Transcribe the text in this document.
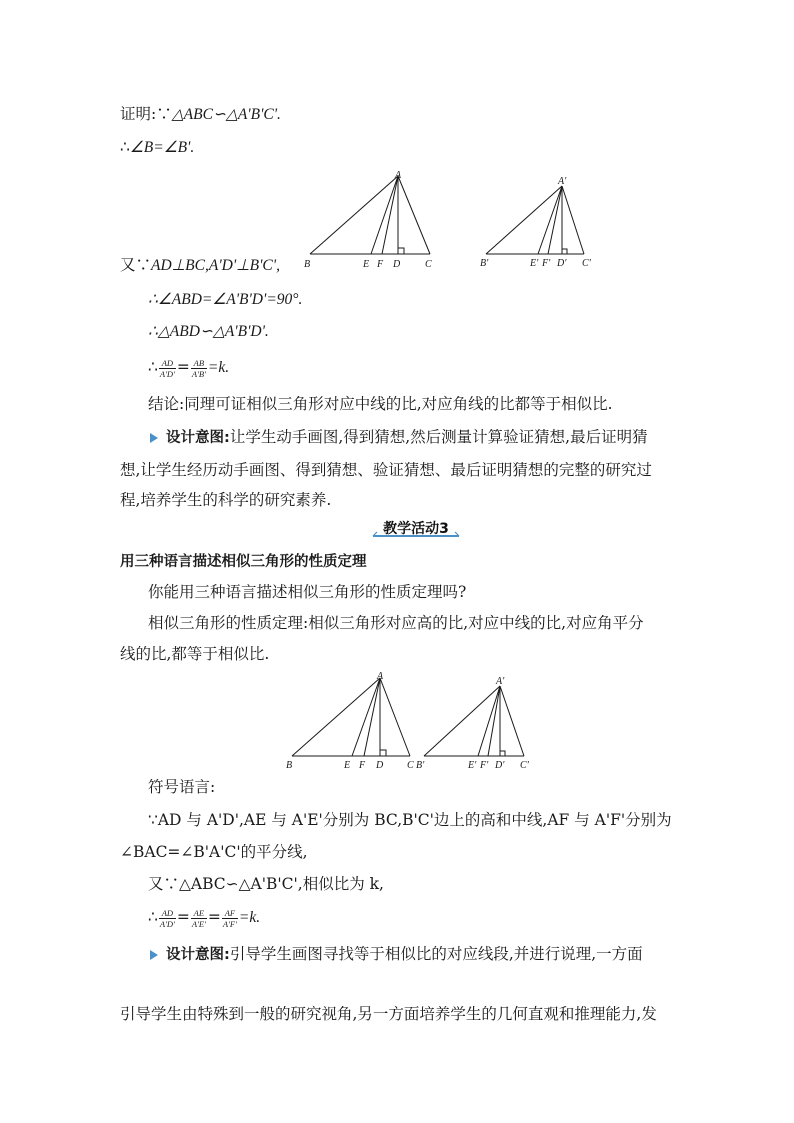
证明:∵△ABC∽△A'B'C'.
∴∠B=∠B'.
又∵AD⊥BC,A'D'⊥B'C',
A
B	E F D C
A'
B'	E' F' D' C'
∴∠ABD=∠A'B'D'=90°.
∴△ABD∽△A'B'D'.
∴ $\frac{AD}{A'D'} = \frac{AB}{A'B'} =k$.
结论:同理可证相似三角形对应中线的比,对应角线的比都等于相似比.
设计意图:让学生动手画图,得到猜想,然后测量计算验证猜想,最后证明猜
想,让学生经历动手画图、得到猜想、验证猜想、最后证明猜想的完整的研究过
程,培养学生的科学的研究素养.
教学活动3
用三种语言描述相似三角形的性质定理
你能用三种语言描述相似三角形的性质定理吗?
相似三角形的性质定理:相似三角形对应高的比,对应中线的比,对应角平分
线的比,都等于相似比.
A
B	E F D C
A'
B'	E' F' D' C'
符号语言:
∵AD 与 A'D',AE 与 A'E'分别为 BC,B'C'边上的高和中线,AF 与 A'F'分别为
∠BAC=∠B'A'C'的平分线,
又∵△ABC∽△A'B'C',相似比为 k,
∴ $\frac{AD}{A'D'} = \frac{AE}{A'E'} = \frac{AF}{A'F'} =k$.
设计意图:引导学生画图寻找等于相似比的对应线段,并进行说理,一方面
引导学生由特殊到一般的研究视角,另一方面培养学生的几何直观和推理能力,发
